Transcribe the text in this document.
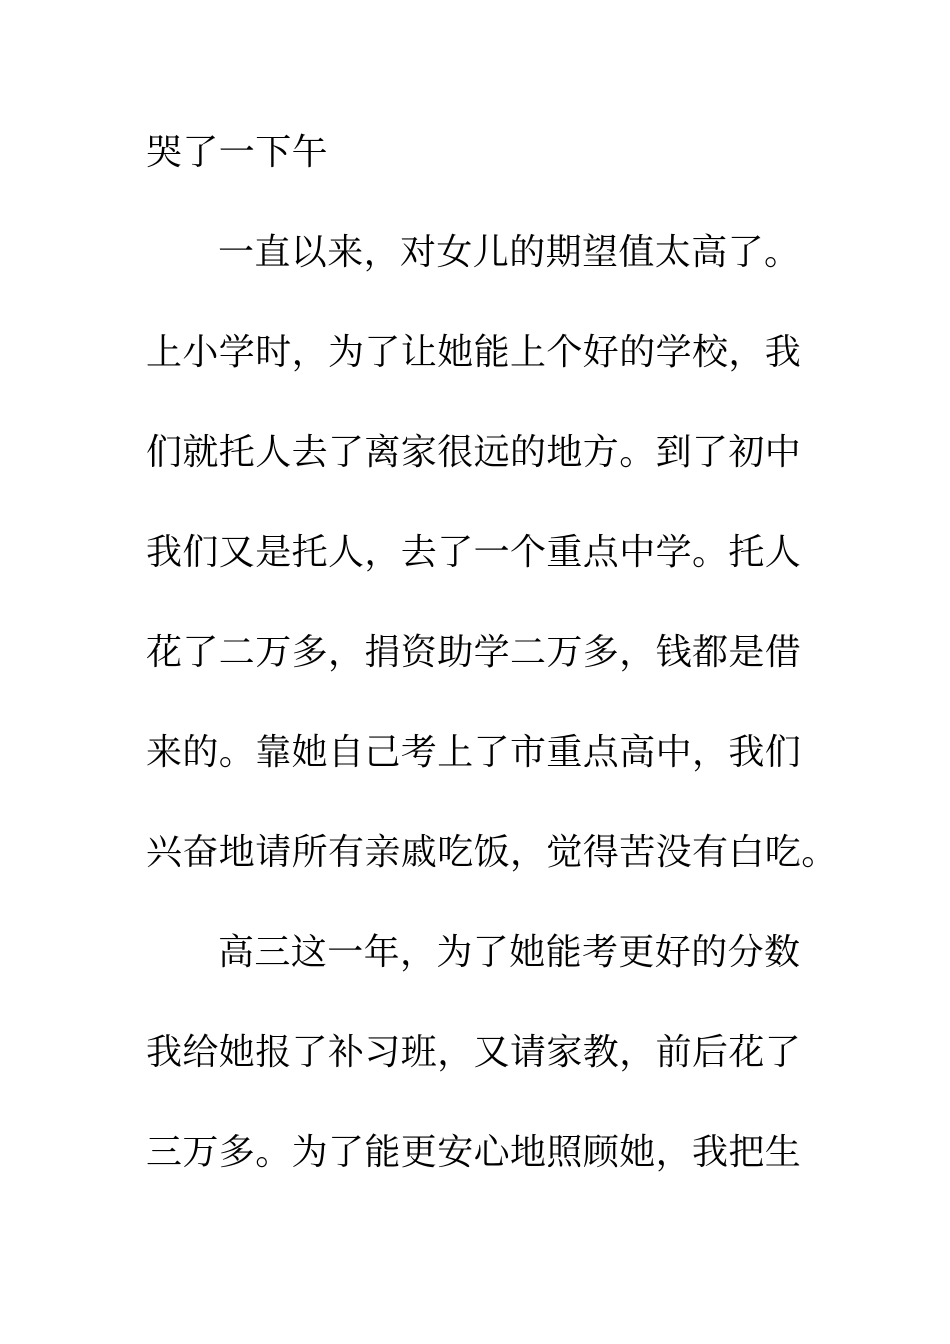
哭了一下午
一直以来，对女儿的期望值太高了。
上小学时，为了让她能上个好的学校，我
们就托人去了离家很远的地方。到了初中
我们又是托人，去了一个重点中学。托人
花了二万多，捐资助学二万多，钱都是借
来的。靠她自己考上了市重点高中，我们
兴奋地请所有亲戚吃饭，觉得苦没有白吃。
高三这一年，为了她能考更好的分数
我给她报了补习班，又请家教，前后花了
三万多。为了能更安心地照顾她，我把生
